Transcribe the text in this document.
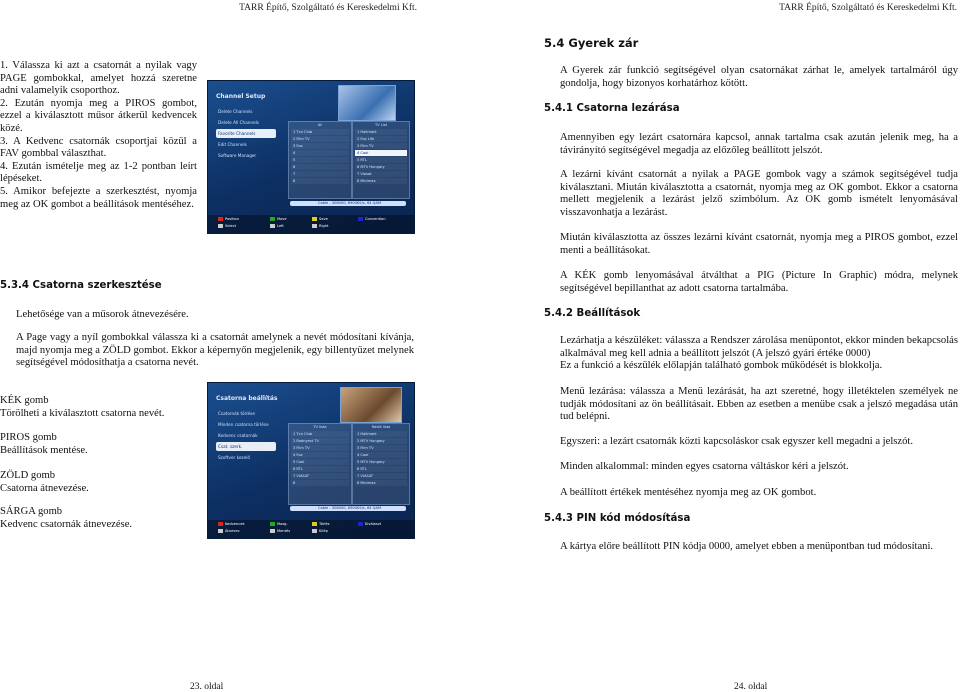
TARR Építő, Szolgáltató és Kereskedelmi Kft.
1. Válassza ki azt a csatornát a nyilak vagy PAGE gombokkal, amelyet hozzá szeretne adni valamelyik csoporthoz.
2. Ezután nyomja meg a PIROS gombot, ezzel a kiválasztott műsor átkerül kedvencek közé.
3. A Kedvenc csatornák csoportjai közül a FAV gombbal választhat.
4. Ezután ismételje meg az 1-2 pontban leírt lépéseket.
5. Amikor befejezte a szerkesztést, nyomja meg az OK gombot a beállítások mentéséhez.
Channel Setup
Delete Channels
Delete All Channels
Favorite Channels
Edit Channels
Software Manager
All
1 Tvn Club
2 Film TV
3 Fox
4
5
6
7
8
TV List
1 Hallmark
2 Fox Life
3 Film TV
4 Cool
5 RTL
6 MTV Hungary
7 Viasat
8 Minimax
Cable - 306000, 6900KS/s, 64 QAM
Position	Move	Save	Convention
Select	Left	Right
5.3.4 Csatorna szerkesztése

Lehetősége van a műsorok átnevezésére.

A Page vagy a nyíl gombokkal válassza ki a csatornát amelynek a nevét módosítani kívánja, majd nyomja meg a ZÖLD gombot. Ekkor a képernyőn megjelenik, egy billentyűzet melynek segítségével módosíthatja a csatorna nevét.

KÉK gomb
Törölheti a kiválasztott csatorna nevét.
PIROS gomb
Beállítások mentése.
ZÖLD gomb
Csatorna átnevezése.
SÁRGA gomb
Kedvenc csatornák átnevezése.
Csatorna beállítás
Csatornák törlése
Minden csatorna törlése
Kedvenc csatornák
Csat. szerk.
Szoftver kezelő
TV lista
1 Tvn Club
2 Rodnyest TV
3 Film TV
4 Fox
5 Cool
6 RTL
7 VIASAT
8
Rádió lista
1 Hallmark
2 MTV Hungary
3 Film TV
4 Cool
5 MTV Hungary
6 RTL
7 VIASAT
8 Minimax
Cable - 306000, 6900KS/s, 64 QAM
Kedvencek	Mozg.	Törlés	Kiválaszt
Átnevez	Mentés	Kilép
23. oldal
TARR Építő, Szolgáltató és Kereskedelmi Kft.
5.4 Gyerek zár

A Gyerek zár funkció segítségével olyan csatornákat zárhat le, amelyek tartalmáról úgy gondolja, hogy bizonyos korhatárhoz kötött.

5.4.1 Csatorna lezárása

Amennyiben egy lezárt csatornára kapcsol, annak tartalma csak azután jelenik meg, ha a távirányító segítségével megadja az előzőleg beállított jelszót.

A lezárni kívánt csatornát a nyilak a PAGE gombok vagy a számok segítségével tudja kiválasztani. Miután kiválasztotta a csatornát, nyomja meg az OK gombot. Ekkor a csatorna mellett megjelenik a lezárást jelző szimbólum. Az OK gomb ismételt lenyomásával visszavonhatja a lezárást.

Miután kiválasztotta az összes lezárni kívánt csatornát, nyomja meg a PIROS gombot, ezzel menti a beállításokat.

A KÉK gomb lenyomásával átválthat a PIG (Picture In Graphic) módra, melynek segítségével bepillanthat az adott csatorna tartalmába.

5.4.2 Beállítások

Lezárhatja a készüléket: válassza a Rendszer zárolása menüpontot, ekkor minden bekapcsolás alkalmával meg kell adnia a beállított jelszót (A jelszó gyári értéke 0000)

Ez a funkció a készülék előlapján található gombok működését is blokkolja.

Menü lezárása: válassza a Menü lezárását, ha azt szeretné, hogy illetéktelen személyek ne tudják módosítani az ön beállításait. Ebben az esetben a menübe csak a jelszó megadása után tud belépni.

Egyszeri: a lezárt csatornák közti kapcsoláskor csak egyszer kell megadni a jelszót.

Minden alkalommal: minden egyes csatorna váltáskor kéri a jelszót.

A beállított értékek mentéséhez nyomja meg az OK gombot.

5.4.3 PIN kód módosítása

A kártya előre beállított PIN kódja 0000, amelyet ebben a menüpontban tud módosítani.

24. oldal
